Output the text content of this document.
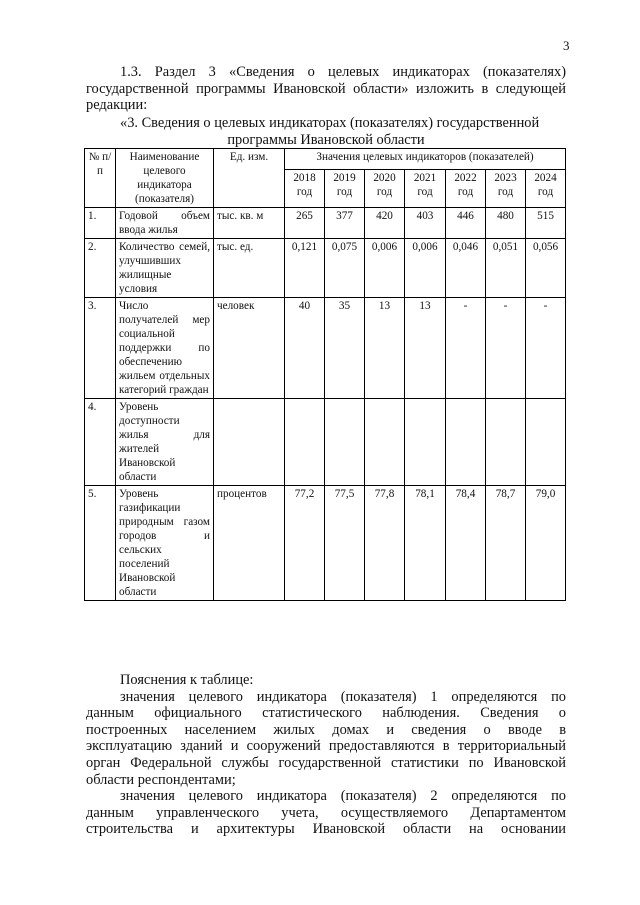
3
1.3. Раздел 3 «Сведения о целевых индикаторах (показателях)
государственной программы Ивановской области» изложить в следующей
редакции:
«3. Сведения о целевых индикаторах (показателях) государственной
программы Ивановской области
№ п/п	Наименование целевого индикатора (показателя)	Ед. изм.	Значения целевых индикаторов (показателей)						
			2018 год	2019 год	2020 год	2021 год	2022 год	2023 год	2024 год
1.	Годовой объем ввода жилья	тыс. кв. м	265	377	420	403	446	480	515
2.	Количество семей, улучшивших жилищные условия	тыс. ед.	0,121	0,075	0,006	0,006	0,046	0,051	0,056
3.	Число получателей мер социальной поддержки по обеспечению жильем отдельных категорий граждан	человек	40	35	13	13	-	-	-
4.	Уровень доступности жилья для жителей Ивановской области								
5.	Уровень газификации природным газом городов и сельских поселений Ивановской области	процентов	77,2	77,5	77,8	78,1	78,4	78,7	79,0
Пояснения к таблице:
значения целевого индикатора (показателя) 1 определяются по
данным официального статистического наблюдения. Сведения о
построенных населением жилых домах и сведения о вводе в
эксплуатацию зданий и сооружений предоставляются в территориальный
орган Федеральной службы государственной статистики по Ивановской
области респондентами;
значения целевого индикатора (показателя) 2 определяются по
данным управленческого учета, осуществляемого Департаментом
строительства и архитектуры Ивановской области на основании
